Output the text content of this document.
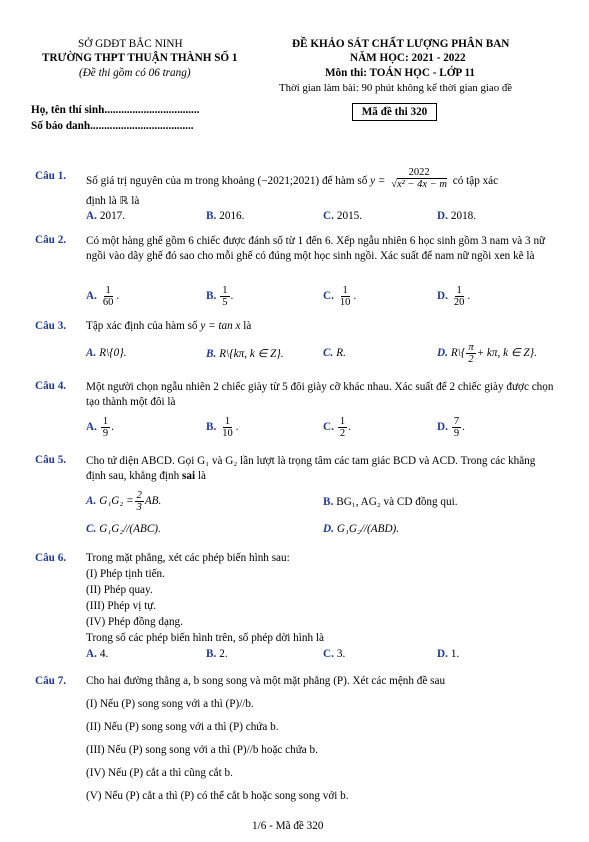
SỞ GDĐT BẮC NINH
TRƯỜNG THPT THUẬN THÀNH SỐ 1
(Đề thi gồm có 06 trang)
ĐỀ KHẢO SÁT CHẤT LƯỢNG PHÂN BAN
NĂM HỌC: 2021 - 2022
Môn thi: TOÁN HỌC - LỚP 11
Thời gian làm bài: 90 phút không kể thời gian giao đề
Mã đề thi 320
Họ, tên thí sinh..................................
Số báo danh.....................................
Câu 1. Số giá trị nguyên của m trong khoảng (−2021;2021) để hàm số $y = \frac{2022}{\text{√x² − 4x − m}}$ có tập xác
định là ℝ là
A. 2017.	B. 2016.	C. 2015.	D. 2018.
Câu 2. Có một hàng ghế gồm 6 chiếc được đánh số từ 1 đến 6. Xếp ngẫu nhiên 6 học sinh gồm 3 nam và 3 nữ ngồi vào dãy ghế đó sao cho mỗi ghế có đúng một học sinh ngồi. Xác suất để nam nữ ngồi xen kẽ là
A. $\frac{1}{60}$ .	B. $\frac{1}{5}$ .	C. $\frac{1}{10}$ .	D. $\frac{1}{20}$ .
Câu 3. Tập xác định của hàm số y = tan x là
A. R\{0}.	B. R\{kπ, k ∈ Z}.	C. R.	D. R\{ $\frac{\pi}{2} + k\pi$, k ∈ Z}.
Câu 4. Một người chọn ngẫu nhiên 2 chiếc giày từ 5 đôi giày cỡ khác nhau. Xác suất để 2 chiếc giày được chọn tạo thành một đôi là
A. $\frac{1}{9}$ .	B. $\frac{1}{10}$ .	C. $\frac{1}{2}$ .	D. $\frac{7}{9}$ .
Câu 5. Cho tứ diện ABCD. Gọi G₁ và G₂ lần lượt là trọng tâm các tam giác BCD và ACD. Trong các khẳng định sau, khẳng định sai là
A. $G_1G_2 = \frac{2}{3}$ AB.	B. BG₁, AG₂ và CD đồng qui.
C. G₁G₂//(ABC).	D. G₁G₂//(ABD).
Câu 6. Trong mặt phẳng, xét các phép biến hình sau:
(I) Phép tịnh tiến.
(II) Phép quay.
(III) Phép vị tự.
(IV) Phép đồng dạng.
Trong số các phép biến hình trên, số phép dời hình là
A. 4.	B. 2.	C. 3.	D. 1.
Câu 7. Cho hai đường thẳng a, b song song và một mặt phẳng (P). Xét các mệnh đề sau
(I) Nếu (P) song song với a thì (P)//b.
(II) Nếu (P) song song với a thì (P) chứa b.
(III) Nếu (P) song song với a thì (P)//b hoặc chứa b.
(IV) Nếu (P) cắt a thì cũng cắt b.
(V) Nếu (P) cắt a thì (P) có thể cắt b hoặc song song với b.
1/6 - Mã đề 320
